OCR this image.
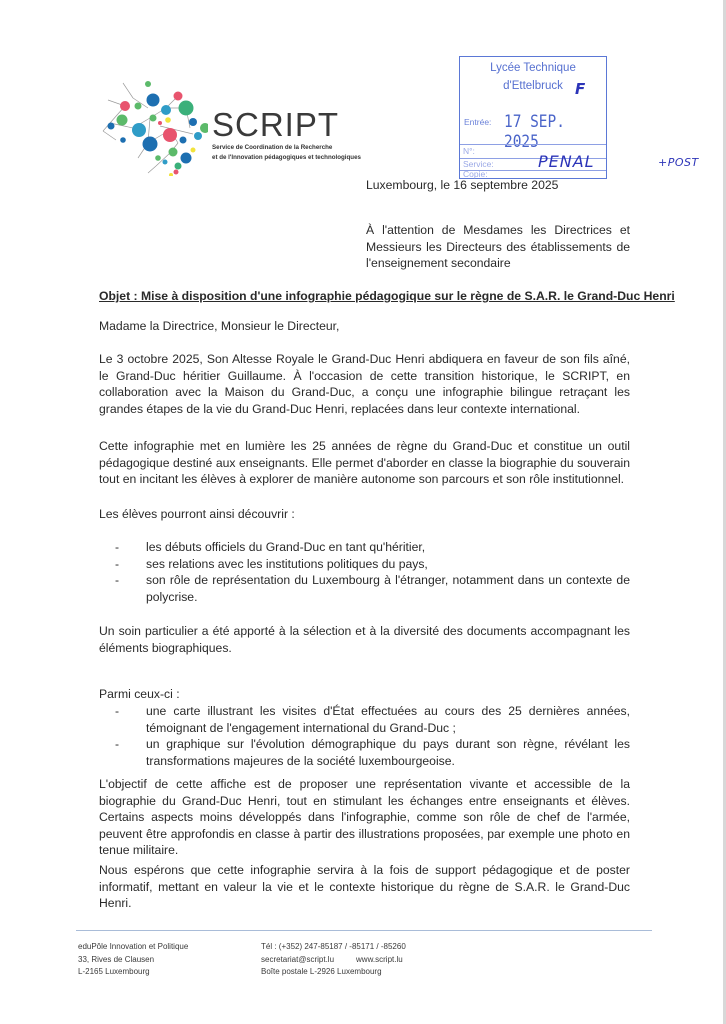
SCRIPT
Service de Coordination de la Recherche
et de l'Innovation pédagogiques et technologiques
Lycée Technique
d'Ettelbruck
Entrée: 17 SEP. 2025
N°:
Service:
Copie:
F
PENAL	+POST
Luxembourg, le 16 septembre 2025
À l'attention de Mesdames les Directrices et Messieurs les Directeurs des établissements de l'enseignement secondaire
Objet : Mise à disposition d'une infographie pédagogique sur le règne de S.A.R. le Grand-Duc Henri
Madame la Directrice, Monsieur le Directeur,
Le 3 octobre 2025, Son Altesse Royale le Grand-Duc Henri abdiquera en faveur de son fils aîné, le Grand-Duc héritier Guillaume. À l'occasion de cette transition historique, le SCRIPT, en collaboration avec la Maison du Grand-Duc, a conçu une infographie bilingue retraçant les grandes étapes de la vie du Grand-Duc Henri, replacées dans leur contexte international.
Cette infographie met en lumière les 25 années de règne du Grand-Duc et constitue un outil pédagogique destiné aux enseignants. Elle permet d'aborder en classe la biographie du souverain tout en incitant les élèves à explorer de manière autonome son parcours et son rôle institutionnel.
Les élèves pourront ainsi découvrir :
-	les débuts officiels du Grand-Duc en tant qu'héritier,
-	ses relations avec les institutions politiques du pays,
-	son rôle de représentation du Luxembourg à l'étranger, notamment dans un contexte de polycrise.
Un soin particulier a été apporté à la sélection et à la diversité des documents accompagnant les éléments biographiques.
Parmi ceux-ci :
-	une carte illustrant les visites d'État effectuées au cours des 25 dernières années, témoignant de l'engagement international du Grand-Duc ;
-	un graphique sur l'évolution démographique du pays durant son règne, révélant les transformations majeures de la société luxembourgeoise.
L'objectif de cette affiche est de proposer une représentation vivante et accessible de la biographie du Grand-Duc Henri, tout en stimulant les échanges entre enseignants et élèves. Certains aspects moins développés dans l'infographie, comme son rôle de chef de l'armée, peuvent être approfondis en classe à partir des illustrations proposées, par exemple une photo en tenue militaire.
Nous espérons que cette infographie servira à la fois de support pédagogique et de poster informatif, mettant en valeur la vie et le contexte historique du règne de S.A.R. le Grand-Duc Henri.
eduPôle Innovation et Politique
33, Rives de Clausen
L-2165 Luxembourg
Tél : (+352) 247-85187 / -85171 / -85260
secretariat@script.lu	www.script.lu
Boîte postale L-2926 Luxembourg
